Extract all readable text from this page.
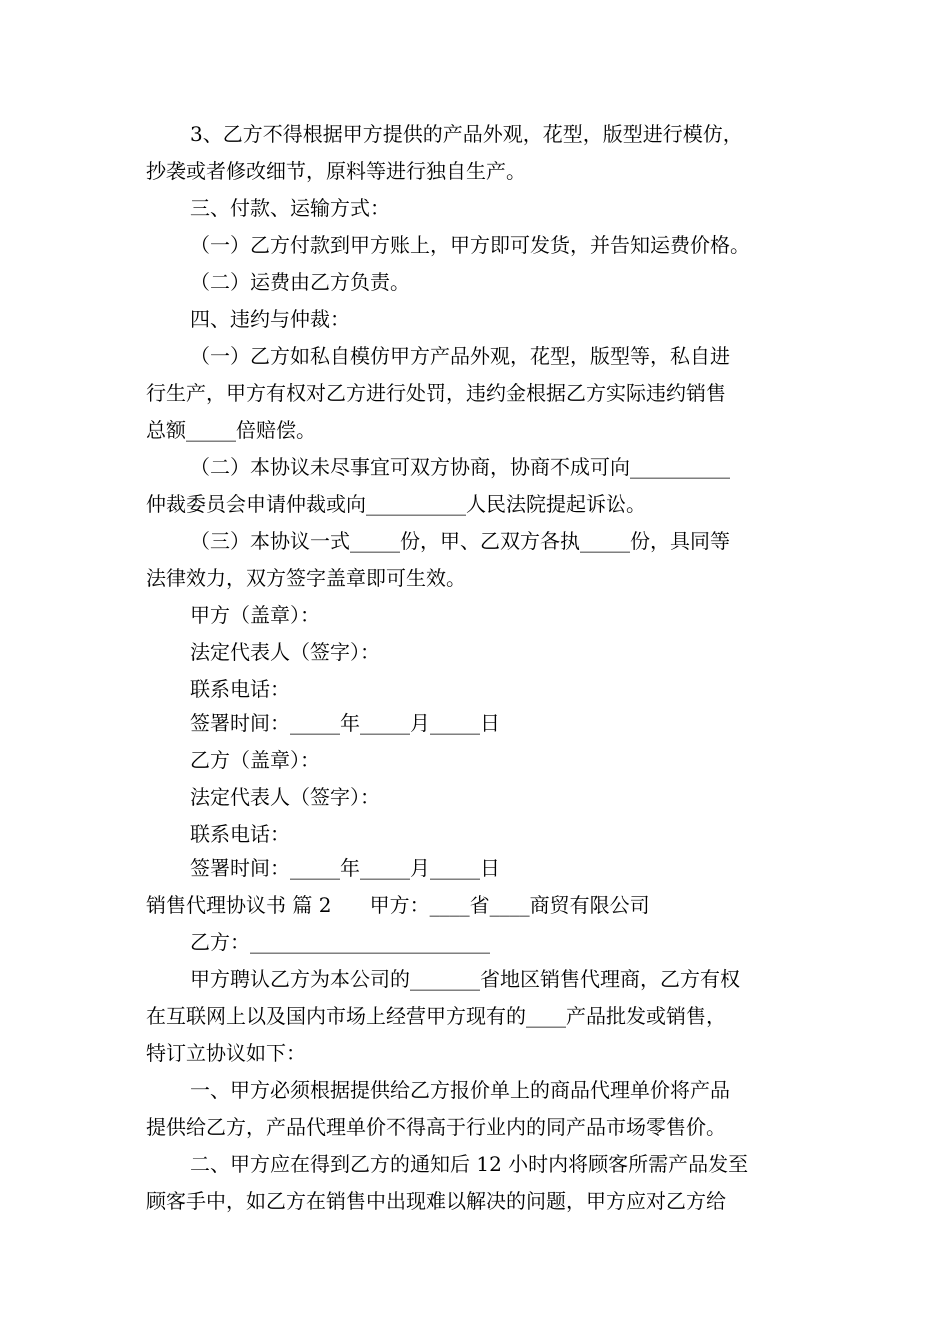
3、乙方不得根据甲方提供的产品外观，花型，版型进行模仿，

抄袭或者修改细节，原料等进行独自生产。

三、付款、运输方式：

（一）乙方付款到甲方账上，甲方即可发货，并告知运费价格。

（二）运费由乙方负责。

四、违约与仲裁：

（一）乙方如私自模仿甲方产品外观，花型，版型等，私自进

行生产，甲方有权对乙方进行处罚，违约金根据乙方实际违约销售

总额_____倍赔偿。

（二）本协议未尽事宜可双方协商，协商不成可向__________

仲裁委员会申请仲裁或向__________人民法院提起诉讼。

（三）本协议一式_____份，甲、乙双方各执_____份，具同等

法律效力，双方签字盖章即可生效。

甲方（盖章）：

法定代表人（签字）：

联系电话：

签署时间：_____年_____月_____日

乙方（盖章）：

法定代表人（签字）：

联系电话：

签署时间：_____年_____月_____日

销售代理协议书 篇 2      甲方：____省____商贸有限公司

乙方：________________________

甲方聘认乙方为本公司的_______省地区销售代理商，乙方有权

在互联网上以及国内市场上经营甲方现有的____产品批发或销售，

特订立协议如下：

一、甲方必须根据提供给乙方报价单上的商品代理单价将产品

提供给乙方，产品代理单价不得高于行业内的同产品市场零售价。

二、甲方应在得到乙方的通知后 12 小时内将顾客所需产品发至

顾客手中，如乙方在销售中出现难以解决的问题，甲方应对乙方给
